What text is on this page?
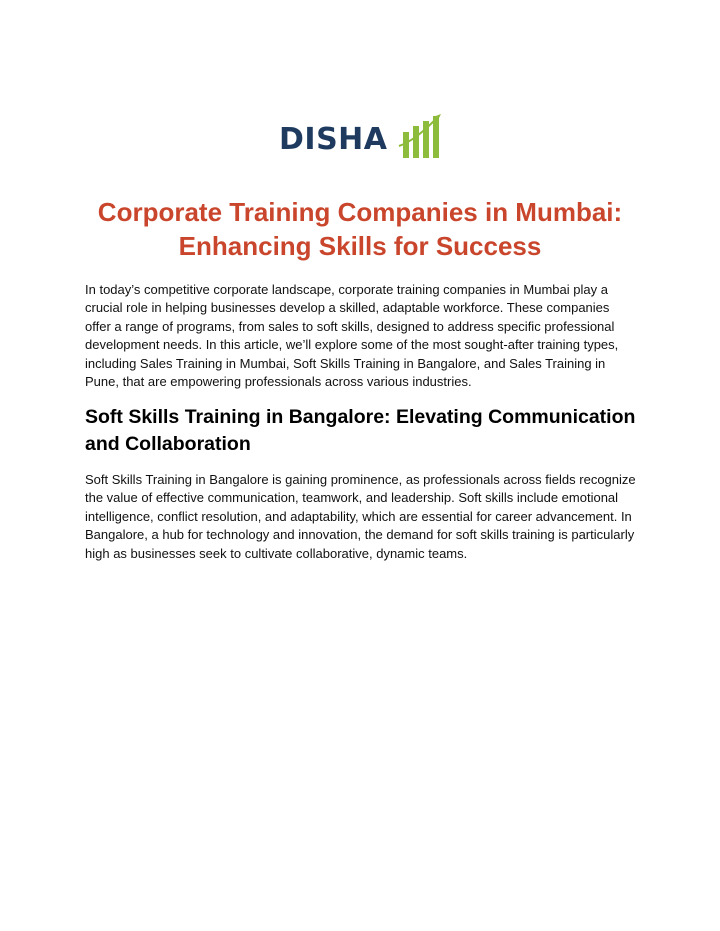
DISHA
Corporate Training Companies in Mumbai: Enhancing Skills for Success

In today’s competitive corporate landscape, corporate training companies in Mumbai play a crucial role in helping businesses develop a skilled, adaptable workforce. These companies offer a range of programs, from sales to soft skills, designed to address specific professional development needs. In this article, we’ll explore some of the most sought-after training types, including Sales Training in Mumbai, Soft Skills Training in Bangalore, and Sales Training in Pune, that are empowering professionals across various industries.

Soft Skills Training in Bangalore: Elevating Communication and Collaboration

Soft Skills Training in Bangalore is gaining prominence, as professionals across fields recognize the value of effective communication, teamwork, and leadership. Soft skills include emotional intelligence, conflict resolution, and adaptability, which are essential for career advancement. In Bangalore, a hub for technology and innovation, the demand for soft skills training is particularly high as businesses seek to cultivate collaborative, dynamic teams.
